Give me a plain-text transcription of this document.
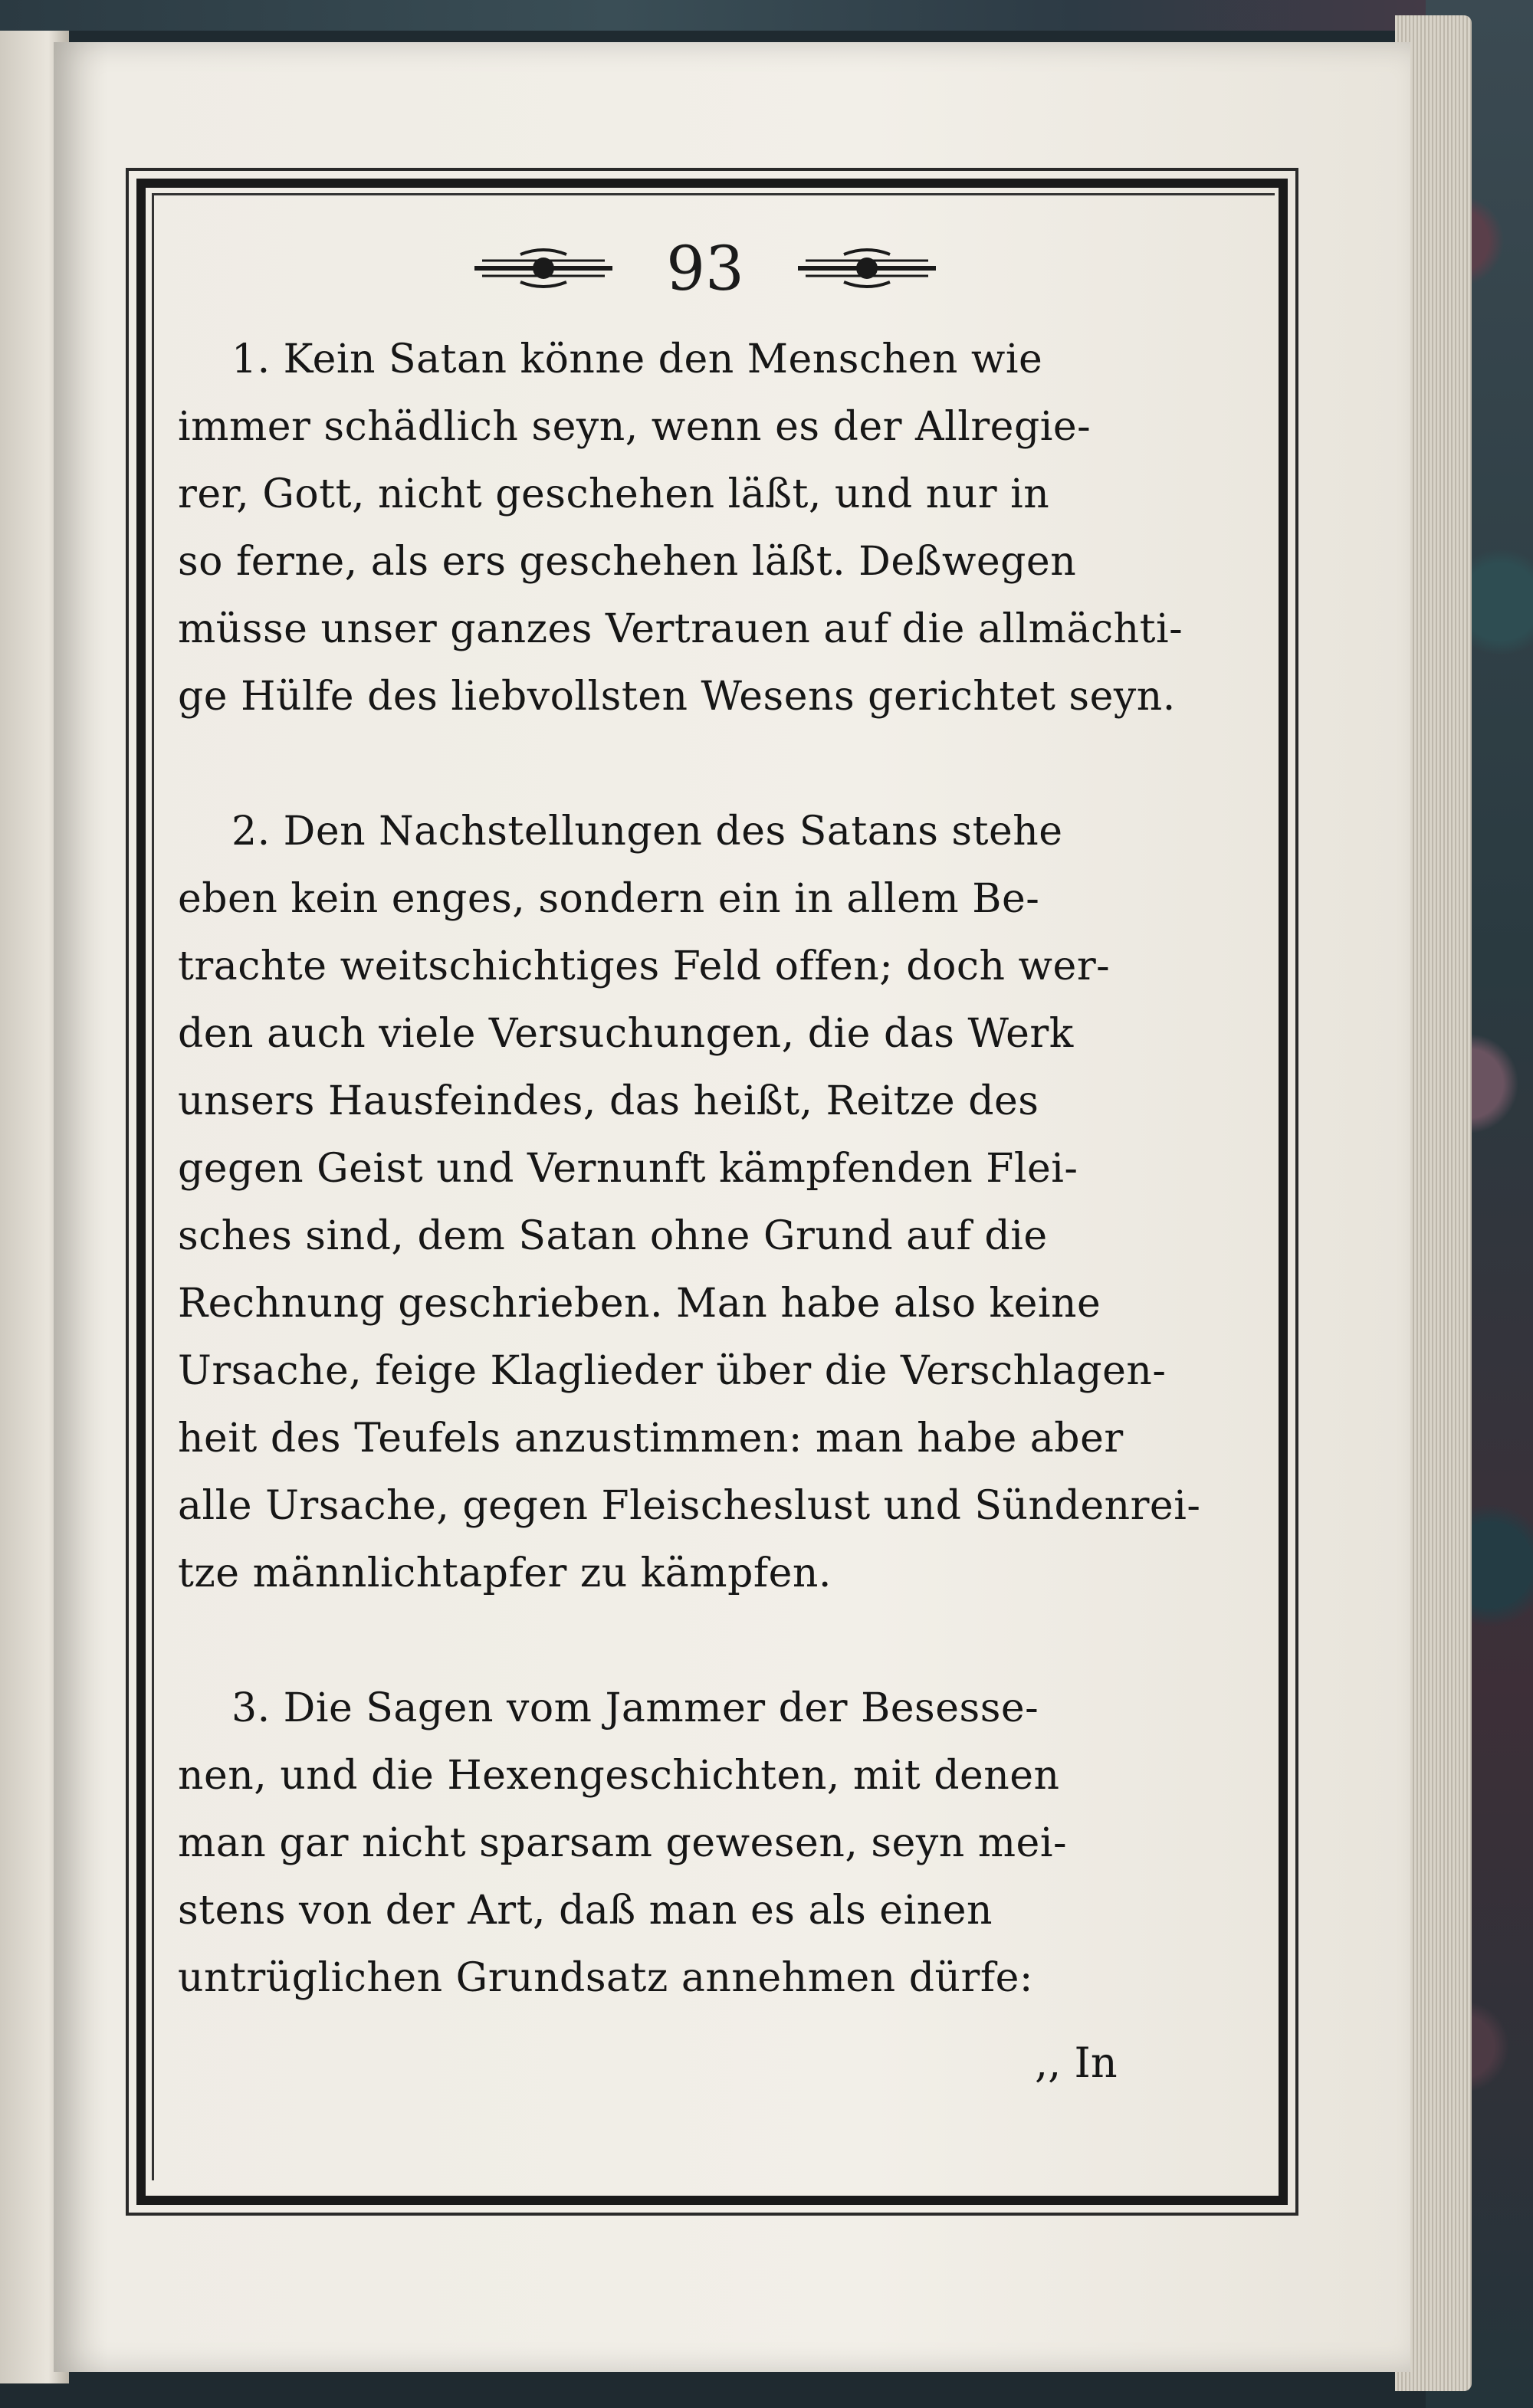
93

1. Kein Satan könne den Menschen wie
immer schädlich seyn, wenn es der Allregie-
rer, Gott, nicht geschehen läßt, und nur in
so ferne, als ers geschehen läßt. Deßwegen
müsse unser ganzes Vertrauen auf die allmächti-
ge Hülfe des liebvollsten Wesens gerichtet seyn.

2. Den Nachstellungen des Satans stehe
eben kein enges, sondern ein in allem Be-
trachte weitschichtiges Feld offen; doch wer-
den auch viele Versuchungen, die das Werk
unsers Hausfeindes, das heißt, Reitze des
gegen Geist und Vernunft kämpfenden Flei-
sches sind, dem Satan ohne Grund auf die
Rechnung geschrieben. Man habe also keine
Ursache, feige Klaglieder über die Verschlagen-
heit des Teufels anzustimmen: man habe aber
alle Ursache, gegen Fleischeslust und Sündenrei-
tze männlichtapfer zu kämpfen.

3. Die Sagen vom Jammer der Besesse-
nen, und die Hexengeschichten, mit denen
man gar nicht sparsam gewesen, seyn mei-
stens von der Art, daß man es als einen
untrüglichen Grundsatz annehmen dürfe:

,, In
